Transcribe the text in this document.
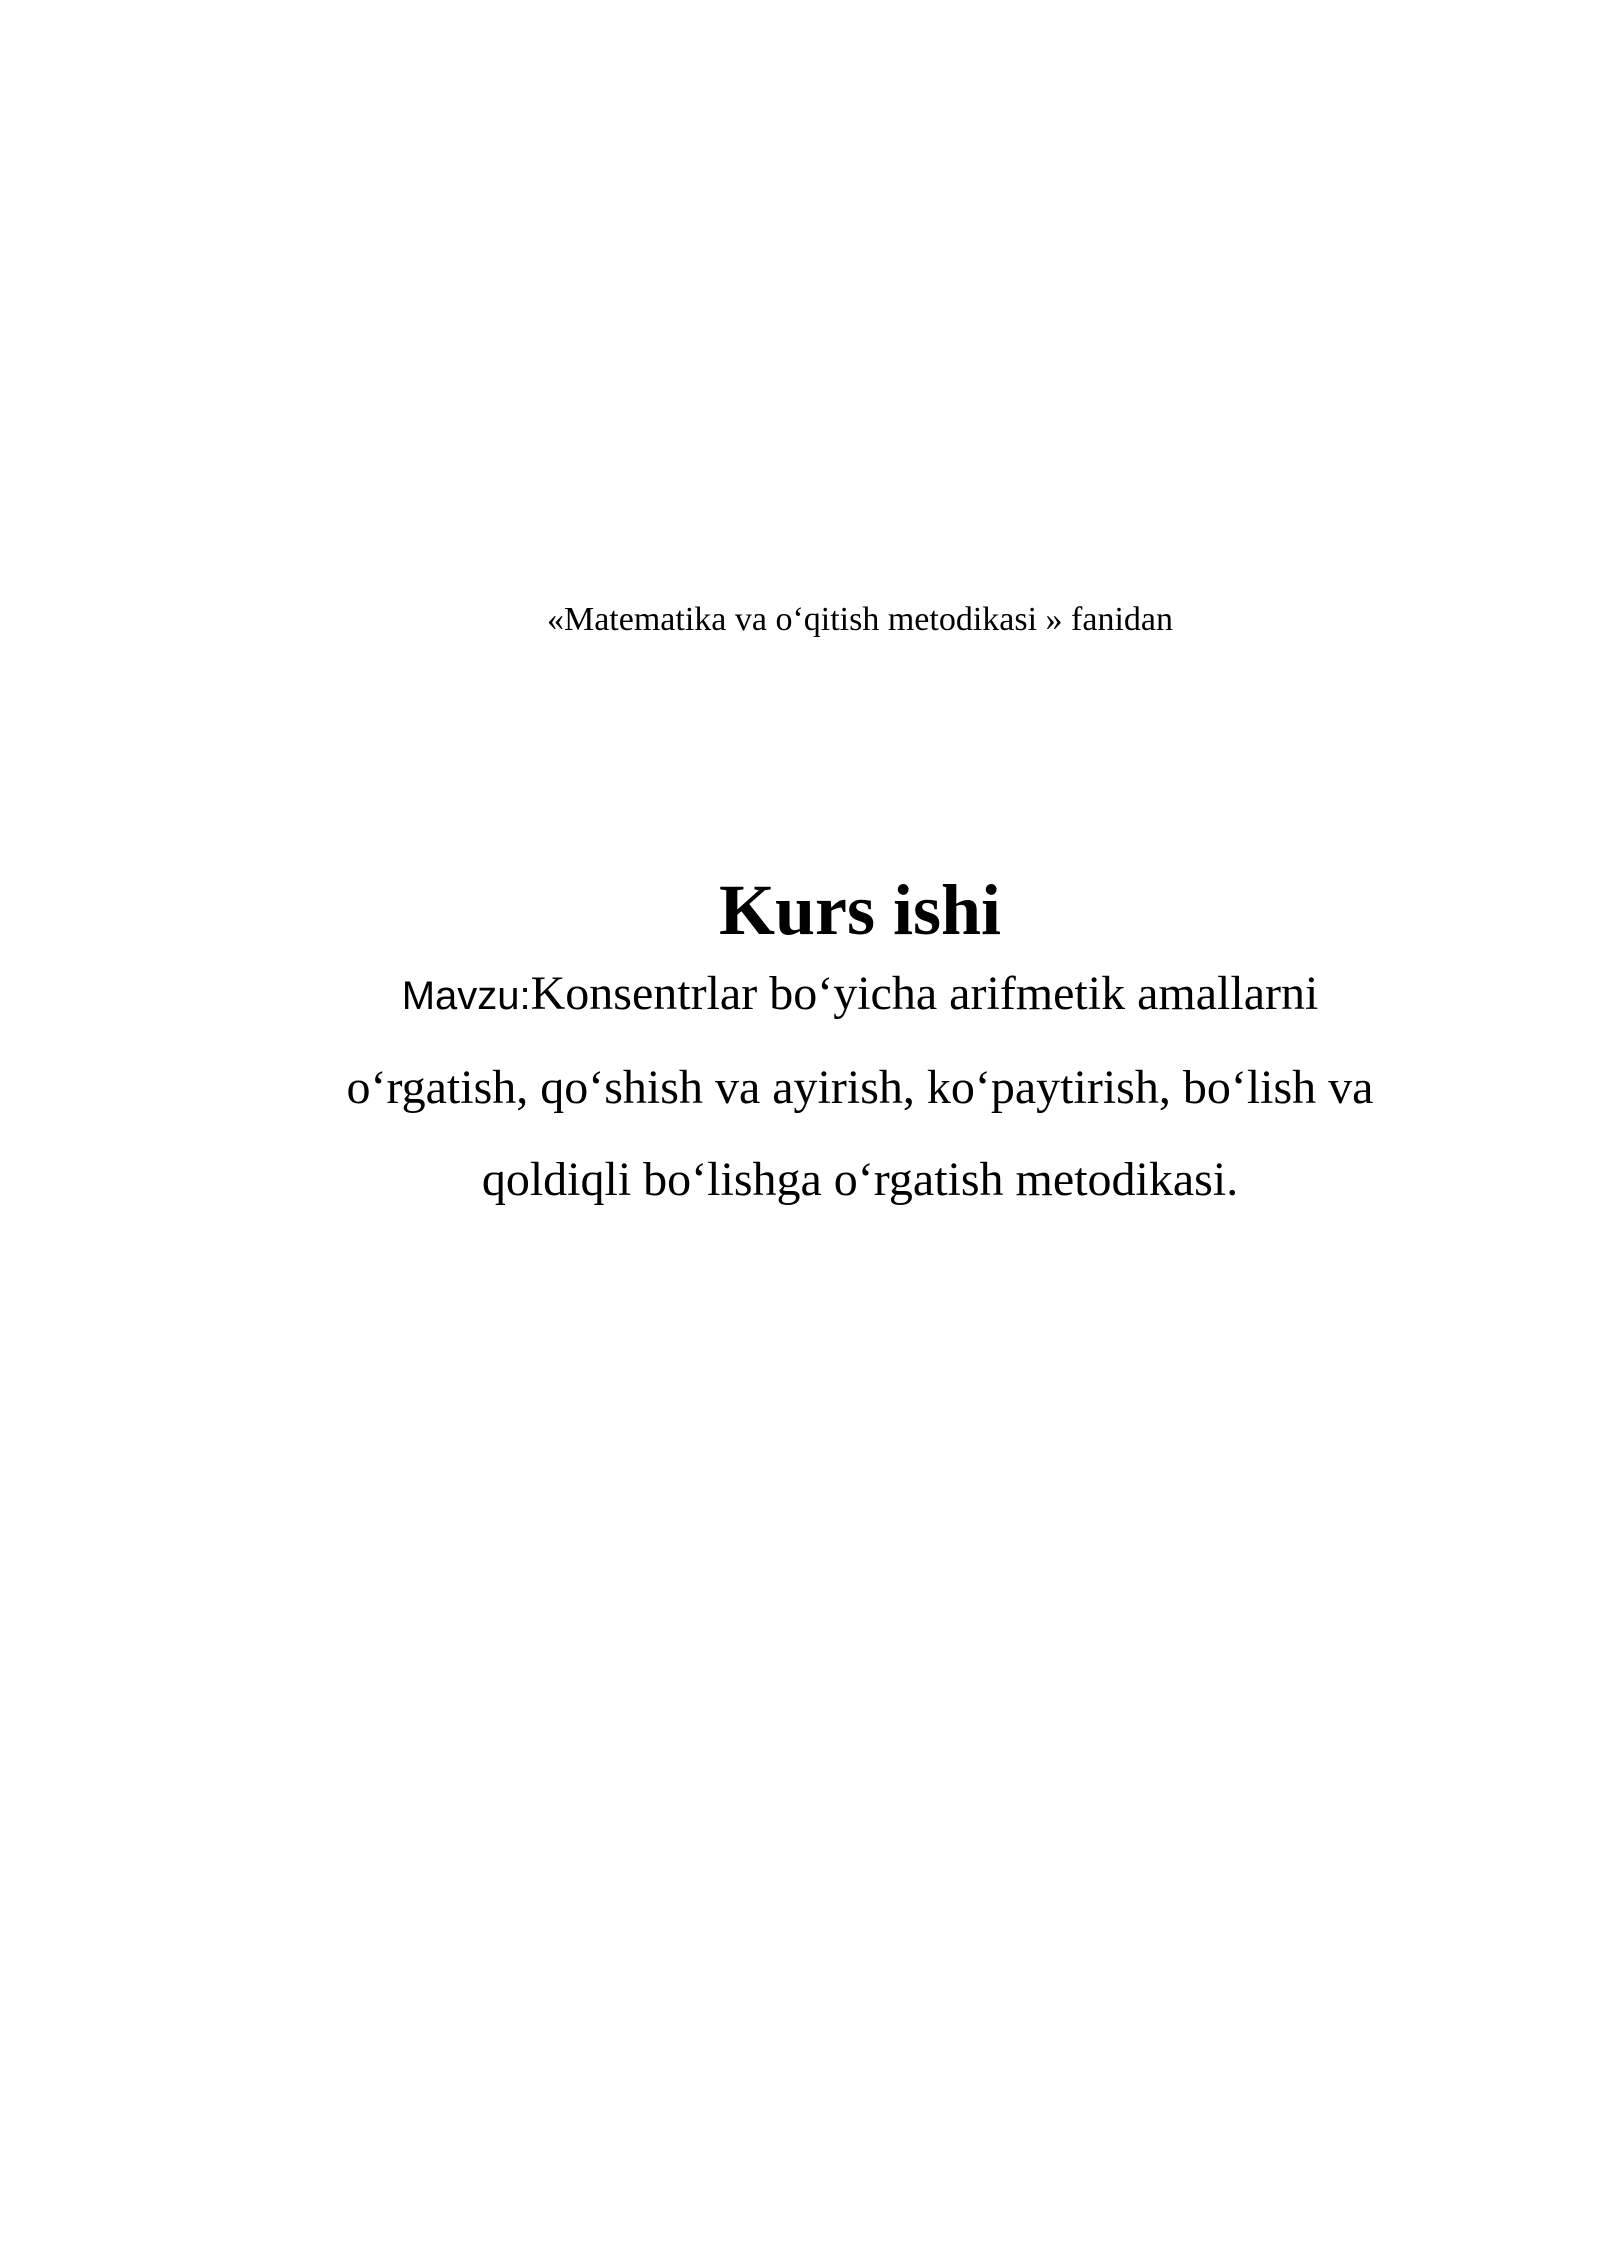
«Matematika va o‘qitish metodikasi » fanidan
Kurs ishi
Mavzu:Konsentrlar bo‘yicha arifmetik amallarni
o‘rgatish, qo‘shish va ayirish, ko‘paytirish, bo‘lish va
qoldiqli bo‘lishga o‘rgatish metodikasi.
